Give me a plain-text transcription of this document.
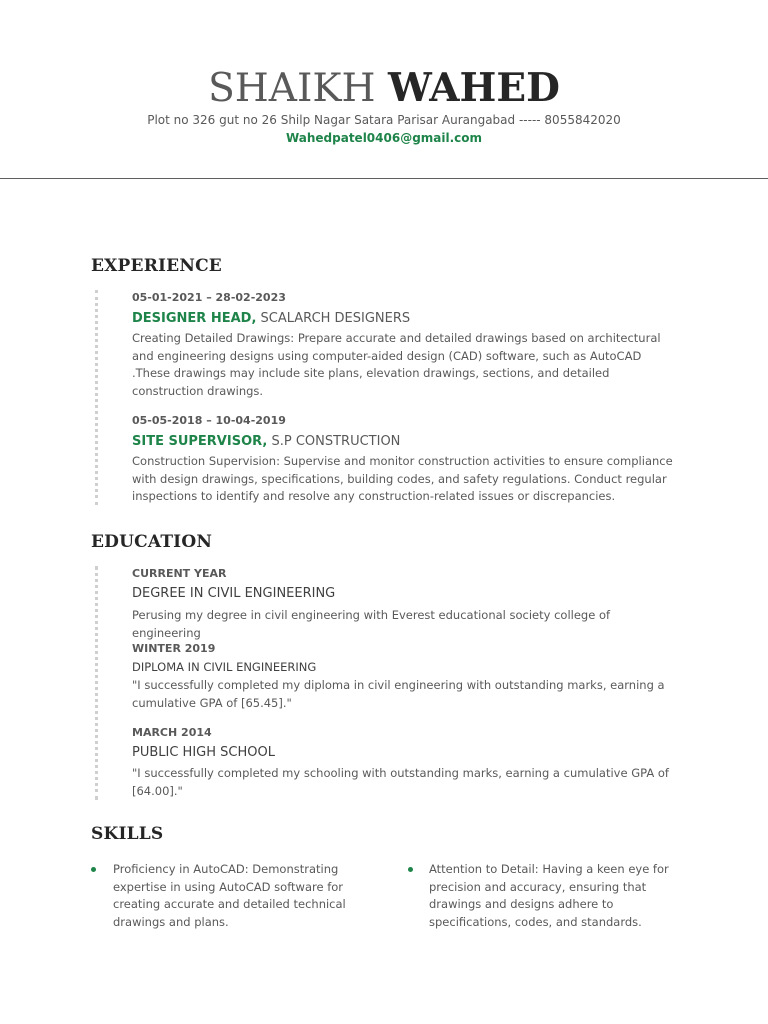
SHAIKH WAHED
Plot no 326 gut no 26 Shilp Nagar Satara Parisar Aurangabad ----- 8055842020
Wahedpatel0406@gmail.com
EXPERIENCE
05-01-2021 – 28-02-2023
DESIGNER HEAD, SCALARCH DESIGNERS
Creating Detailed Drawings: Prepare accurate and detailed drawings based on architectural and engineering designs using computer-aided design (CAD) software, such as AutoCAD .These drawings may include site plans, elevation drawings, sections, and detailed construction drawings.
05-05-2018 – 10-04-2019
SITE SUPERVISOR, S.P CONSTRUCTION
Construction Supervision: Supervise and monitor construction activities to ensure compliance with design drawings, specifications, building codes, and safety regulations. Conduct regular inspections to identify and resolve any construction-related issues or discrepancies.
EDUCATION
CURRENT YEAR
DEGREE IN CIVIL ENGINEERING
Perusing my degree in civil engineering with Everest educational society college of engineering
WINTER 2019
DIPLOMA IN CIVIL ENGINEERING
"I successfully completed my diploma in civil engineering with outstanding marks, earning a cumulative GPA of [65.45]."
MARCH 2014
PUBLIC HIGH SCHOOL
"I successfully completed my schooling with outstanding marks, earning a cumulative GPA of [64.00]."
SKILLS
Proficiency in AutoCAD: Demonstrating expertise in using AutoCAD software for creating accurate and detailed technical drawings and plans.
Attention to Detail: Having a keen eye for precision and accuracy, ensuring that drawings and designs adhere to specifications, codes, and standards.
